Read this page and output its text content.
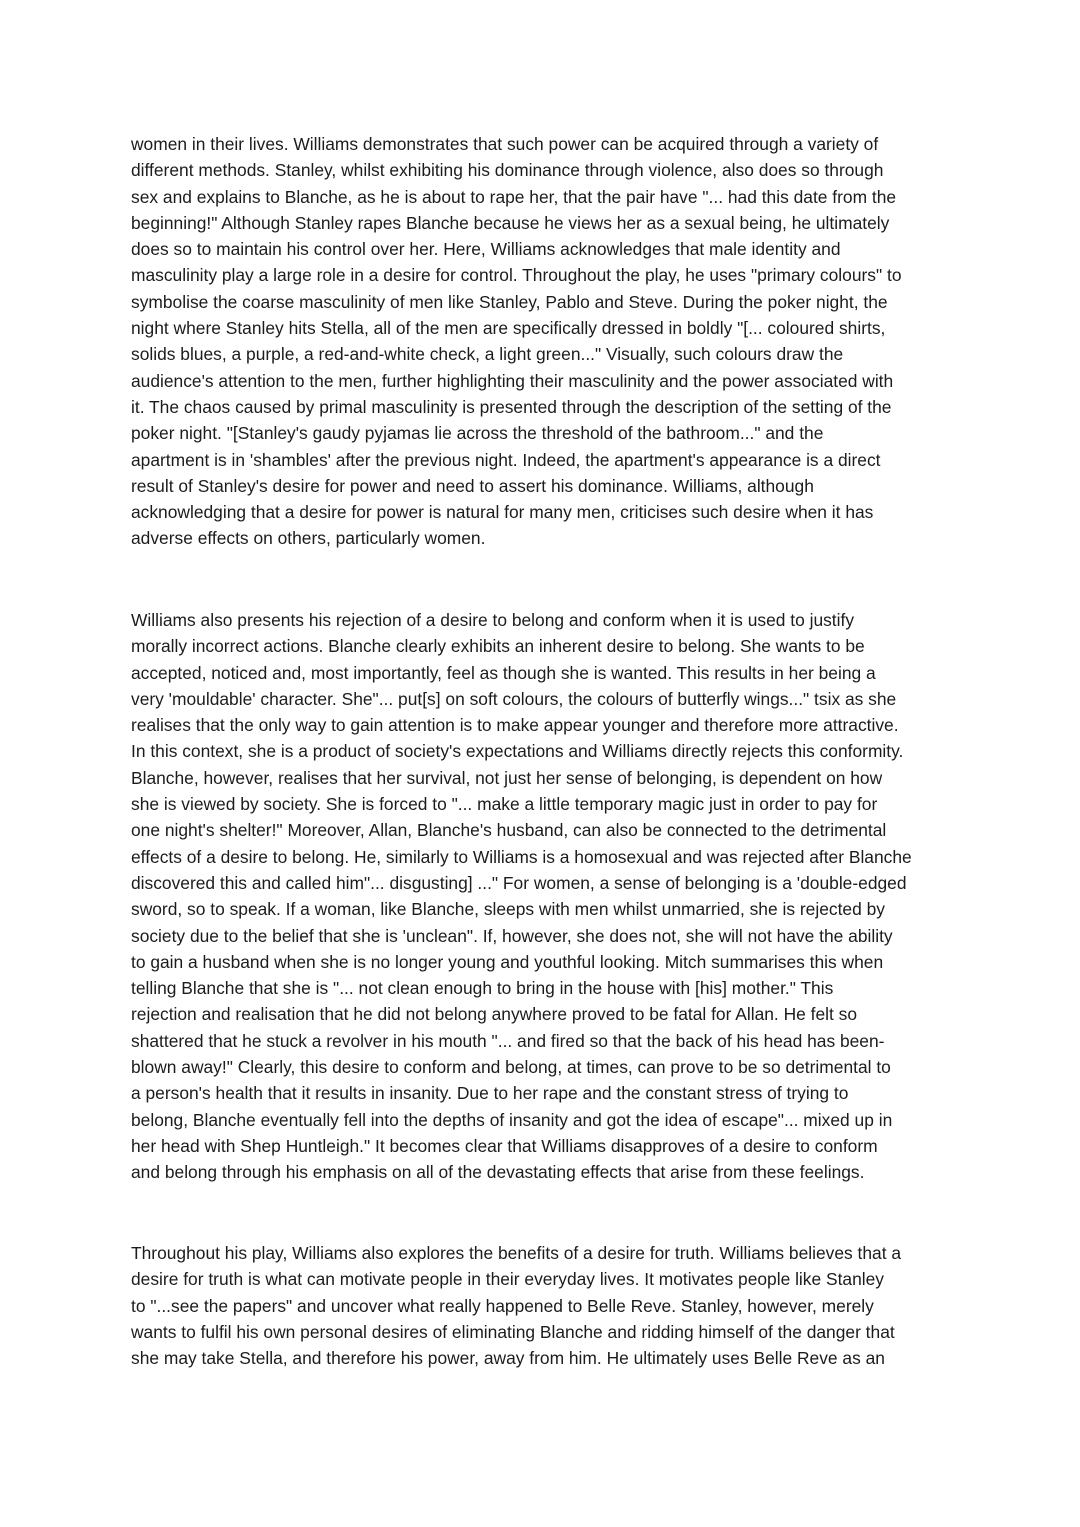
women in their lives. Williams demonstrates that such power can be acquired through a variety of
different methods. Stanley, whilst exhibiting his dominance through violence, also does so through
sex and explains to Blanche, as he is about to rape her, that the pair have "... had this date from the
beginning!" Although Stanley rapes Blanche because he views her as a sexual being, he ultimately
does so to maintain his control over her. Here, Williams acknowledges that male identity and
masculinity play a large role in a desire for control. Throughout the play, he uses "primary colours" to
symbolise the coarse masculinity of men like Stanley, Pablo and Steve. During the poker night, the
night where Stanley hits Stella, all of the men are specifically dressed in boldly "[... coloured shirts,
solids blues, a purple, a red-and-white check, a light green..." Visually, such colours draw the
audience's attention to the men, further highlighting their masculinity and the power associated with
it. The chaos caused by primal masculinity is presented through the description of the setting of the
poker night. "[Stanley's gaudy pyjamas lie across the threshold of the bathroom..." and the
apartment is in 'shambles' after the previous night. Indeed, the apartment's appearance is a direct
result of Stanley's desire for power and need to assert his dominance. Williams, although
acknowledging that a desire for power is natural for many men, criticises such desire when it has
adverse effects on others, particularly women.
Williams also presents his rejection of a desire to belong and conform when it is used to justify
morally incorrect actions. Blanche clearly exhibits an inherent desire to belong. She wants to be
accepted, noticed and, most importantly, feel as though she is wanted. This results in her being a
very 'mouldable' character. She"... put[s] on soft colours, the colours of butterfly wings..." tsix as she
realises that the only way to gain attention is to make appear younger and therefore more attractive.
In this context, she is a product of society's expectations and Williams directly rejects this conformity.
Blanche, however, realises that her survival, not just her sense of belonging, is dependent on how
she is viewed by society. She is forced to "... make a little temporary magic just in order to pay for
one night's shelter!" Moreover, Allan, Blanche's husband, can also be connected to the detrimental
effects of a desire to belong. He, similarly to Williams is a homosexual and was rejected after Blanche
discovered this and called him"... disgusting] ..." For women, a sense of belonging is a 'double-edged
sword, so to speak. If a woman, like Blanche, sleeps with men whilst unmarried, she is rejected by
society due to the belief that she is 'unclean". If, however, she does not, she will not have the ability
to gain a husband when she is no longer young and youthful looking. Mitch summarises this when
telling Blanche that she is "... not clean enough to bring in the house with [his] mother." This
rejection and realisation that he did not belong anywhere proved to be fatal for Allan. He felt so
shattered that he stuck a revolver in his mouth "... and fired so that the back of his head has been-
blown away!" Clearly, this desire to conform and belong, at times, can prove to be so detrimental to
a person's health that it results in insanity. Due to her rape and the constant stress of trying to
belong, Blanche eventually fell into the depths of insanity and got the idea of escape"... mixed up in
her head with Shep Huntleigh." It becomes clear that Williams disapproves of a desire to conform
and belong through his emphasis on all of the devastating effects that arise from these feelings.
Throughout his play, Williams also explores the benefits of a desire for truth. Williams believes that a
desire for truth is what can motivate people in their everyday lives. It motivates people like Stanley
to "...see the papers" and uncover what really happened to Belle Reve. Stanley, however, merely
wants to fulfil his own personal desires of eliminating Blanche and ridding himself of the danger that
she may take Stella, and therefore his power, away from him. He ultimately uses Belle Reve as an
